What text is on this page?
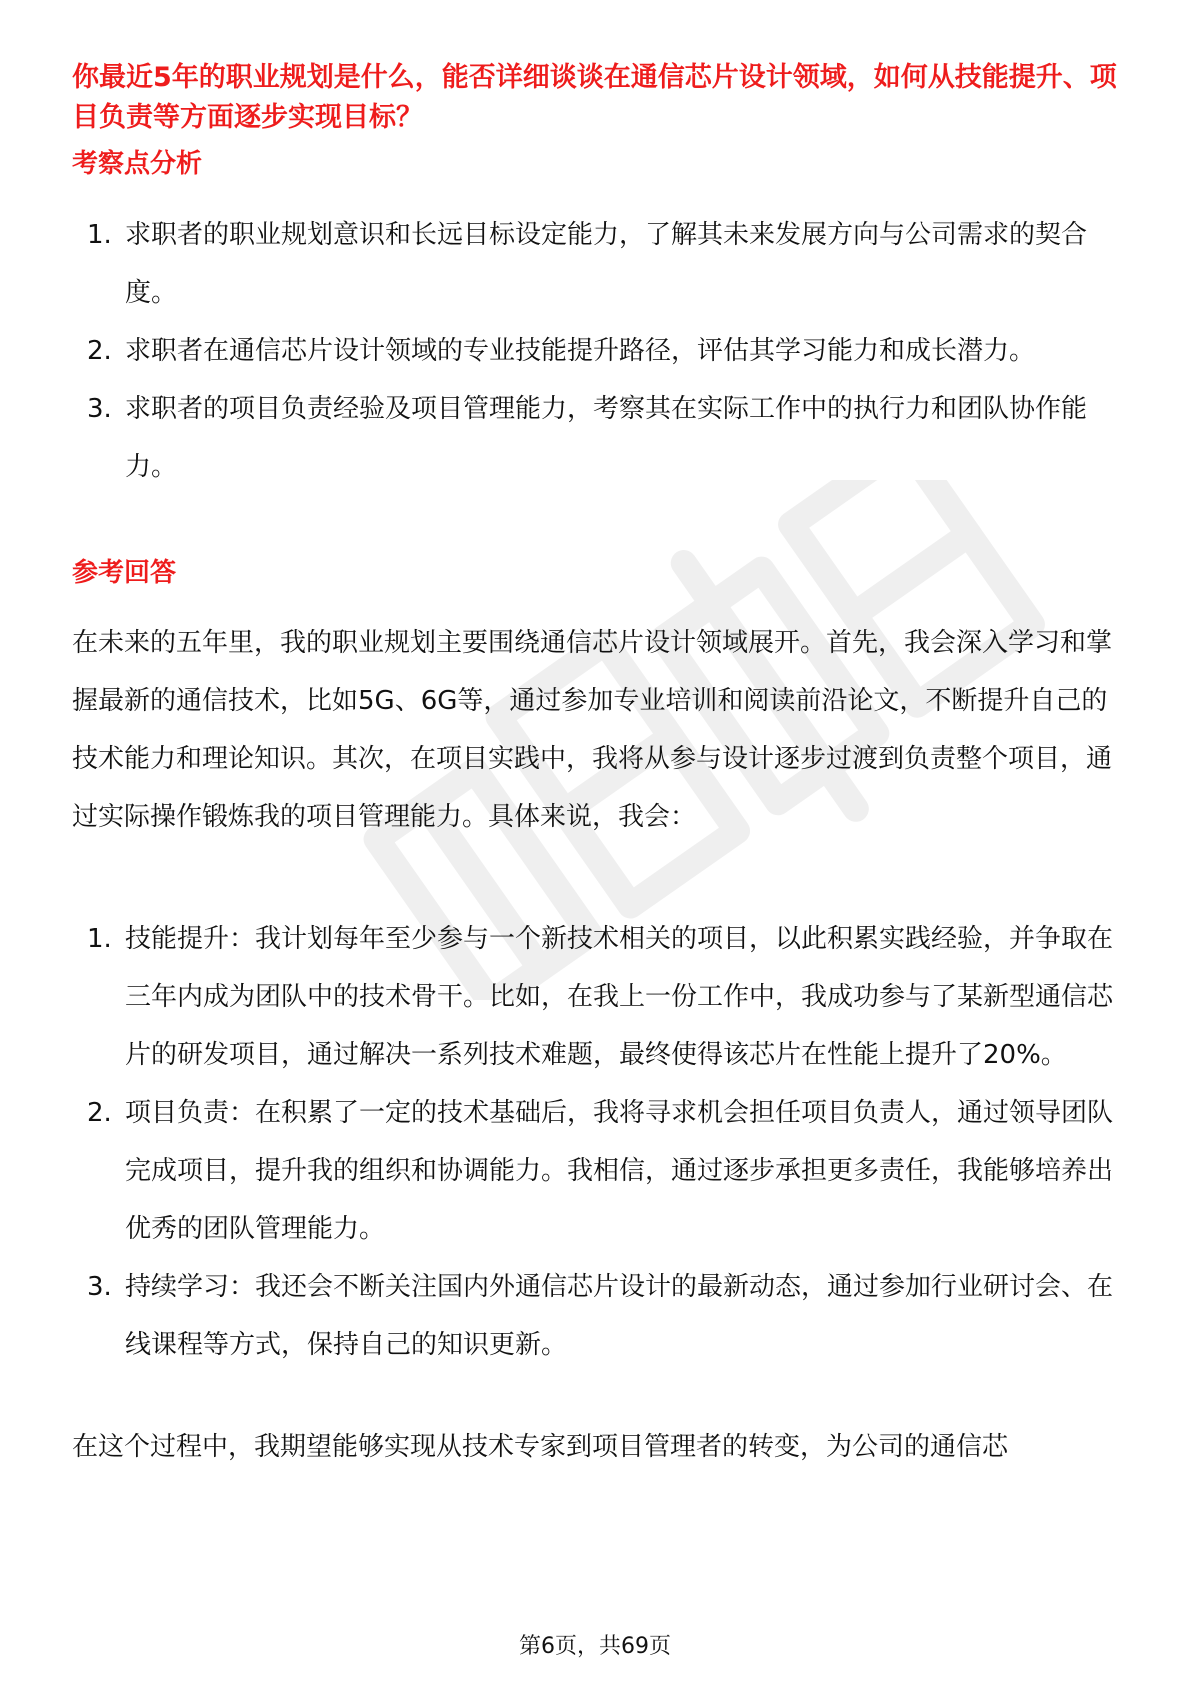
你最近5年的职业规划是什么，能否详细谈谈在通信芯片设计领域，如何从技能提升、项目负责等方面逐步实现目标？

考察点分析
1. 求职者的职业规划意识和长远目标设定能力，了解其未来发展方向与公司需求的契合度。
2. 求职者在通信芯片设计领域的专业技能提升路径，评估其学习能力和成长潜力。
3. 求职者的项目负责经验及项目管理能力，考察其在实际工作中的执行力和团队协作能力。
参考回答

在未来的五年里，我的职业规划主要围绕通信芯片设计领域展开。首先，我会深入学习和掌握最新的通信技术，比如5G、6G等，通过参加专业培训和阅读前沿论文，不断提升自己的技术能力和理论知识。其次，在项目实践中，我将从参与设计逐步过渡到负责整个项目，通过实际操作锻炼我的项目管理能力。具体来说，我会：

1. 技能提升：我计划每年至少参与一个新技术相关的项目，以此积累实践经验，并争取在三年内成为团队中的技术骨干。比如，在我上一份工作中，我成功参与了某新型通信芯片的研发项目，通过解决一系列技术难题，最终使得该芯片在性能上提升了20%。
2. 项目负责：在积累了一定的技术基础后，我将寻求机会担任项目负责人，通过领导团队完成项目，提升我的组织和协调能力。我相信，通过逐步承担更多责任，我能够培养出优秀的团队管理能力。
3. 持续学习：我还会不断关注国内外通信芯片设计的最新动态，通过参加行业研讨会、在线课程等方式，保持自己的知识更新。

在这个过程中，我期望能够实现从技术专家到项目管理者的转变，为公司的通信芯

第6页，共69页
